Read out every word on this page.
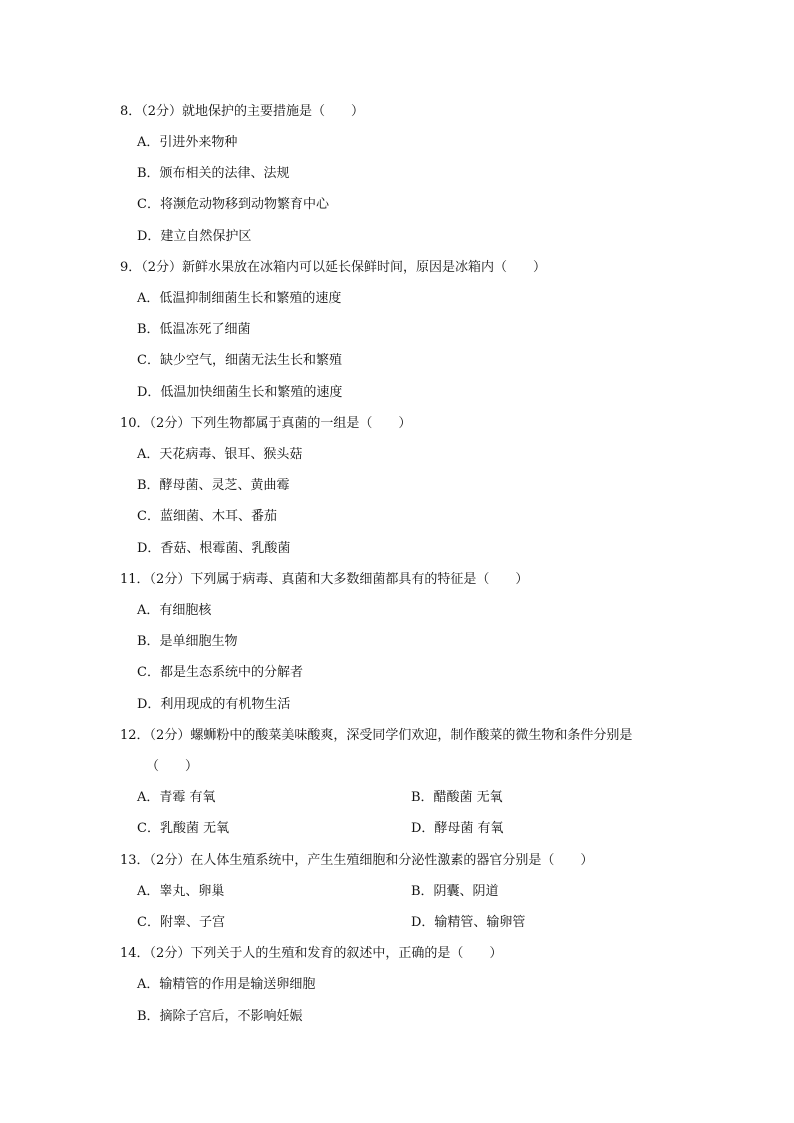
8．（2分）就地保护的主要措施是（　　）
A．引进外来物种
B．颁布相关的法律、法规
C．将濒危动物移到动物繁育中心
D．建立自然保护区
9．（2分）新鲜水果放在冰箱内可以延长保鲜时间，原因是冰箱内（　　）
A．低温抑制细菌生长和繁殖的速度
B．低温冻死了细菌
C．缺少空气，细菌无法生长和繁殖
D．低温加快细菌生长和繁殖的速度
10．（2分）下列生物都属于真菌的一组是（　　）
A．天花病毒、银耳、猴头菇
B．酵母菌、灵芝、黄曲霉
C．蓝细菌、木耳、番茄
D．香菇、根霉菌、乳酸菌
11．（2分）下列属于病毒、真菌和大多数细菌都具有的特征是（　　）
A．有细胞核
B．是单细胞生物
C．都是生态系统中的分解者
D．利用现成的有机物生活
12．（2分）螺蛳粉中的酸菜美味酸爽，深受同学们欢迎，制作酸菜的微生物和条件分别是
（　　）
A．青霉 有氧	B．醋酸菌 无氧
C．乳酸菌 无氧	D．酵母菌 有氧
13．（2分）在人体生殖系统中，产生生殖细胞和分泌性激素的器官分别是（　　）
A．睾丸、卵巢	B．阴囊、阴道
C．附睾、子宫	D．输精管、输卵管
14．（2分）下列关于人的生殖和发育的叙述中，正确的是（　　）
A．输精管的作用是输送卵细胞
B．摘除子宫后，不影响妊娠
